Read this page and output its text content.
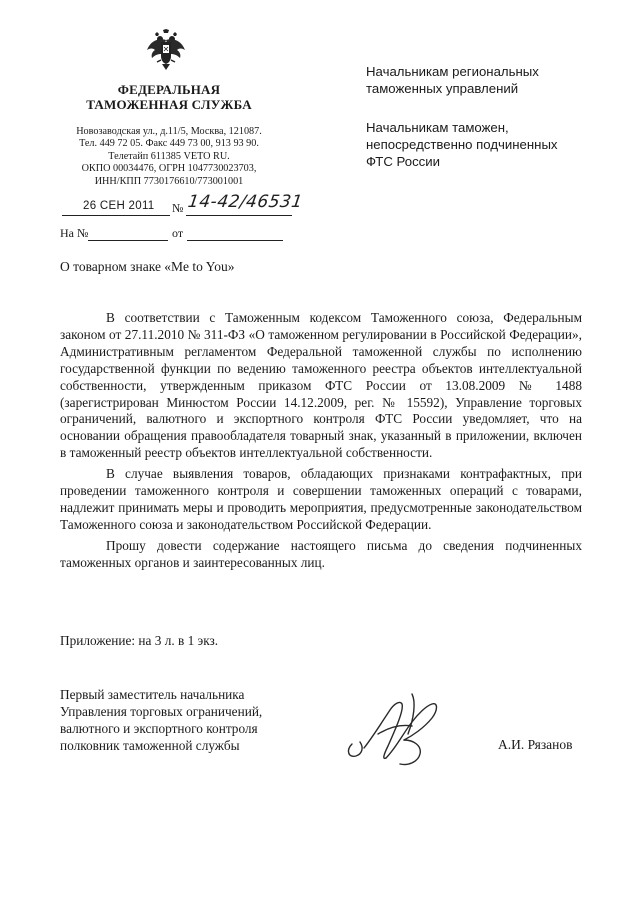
ФЕДЕРАЛЬНАЯ
ТАМОЖЕННАЯ СЛУЖБА
Новозаводская ул., д.11/5, Москва, 121087.
Тел. 449 72 05. Факс 449 73 00, 913 93 90.
Телетайп 611385 VETO RU.
ОКПО 00034476, ОГРН 1047730023703,
ИНН/КПП 7730176610/773001001
26 СЕН 2011 № 14-42/46531
На №	от
Начальникам региональных
таможенных управлений
Начальникам таможен,
непосредственно подчиненных
ФТС России
О товарном знаке «Me to You»

В соответствии с Таможенным кодексом Таможенного союза, Федеральным законом от 27.11.2010 № 311-ФЗ «О таможенном регулировании в Российской Федерации», Административным регламентом Федеральной таможенной службы по исполнению государственной функции по ведению таможенного реестра объектов интеллектуальной собственности, утвержденным приказом ФТС России от 13.08.2009 № 1488 (зарегистрирован Минюстом России 14.12.2009, рег. № 15592), Управление торговых ограничений, валютного и экспортного контроля ФТС России уведомляет, что на основании обращения правообладателя товарный знак, указанный в приложении, включен в таможенный реестр объектов интеллектуальной собственности.

В случае выявления товаров, обладающих признаками контрафактных, при проведении таможенного контроля и совершении таможенных операций с товарами, надлежит принимать меры и проводить мероприятия, предусмотренные законодательством Таможенного союза и законодательством Российской Федерации.

Прошу довести содержание настоящего письма до сведения подчиненных таможенных органов и заинтересованных лиц.

Приложение: на 3 л. в 1 экз.
Первый заместитель начальника
Управления торговых ограничений,
валютного и экспортного контроля
полковник таможенной службы	А.И. Рязанов
